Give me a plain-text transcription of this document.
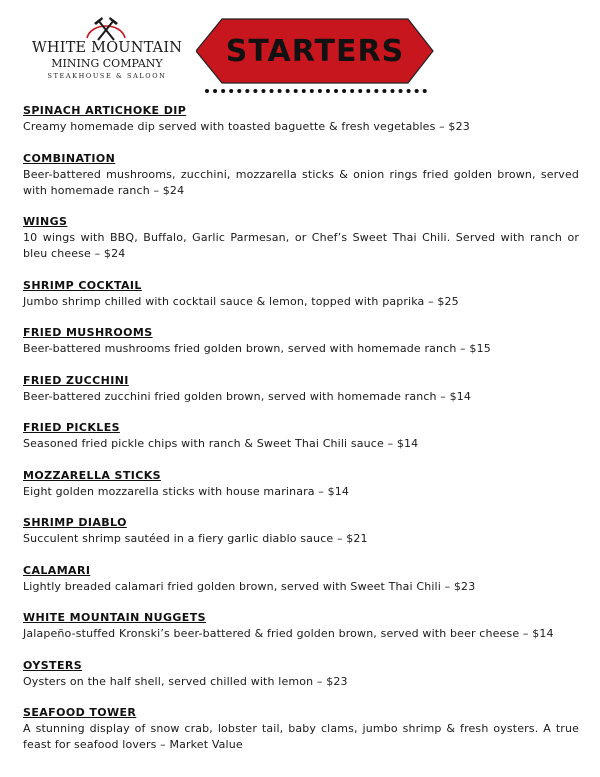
WHITE MOUNTAIN
MINING COMPANY
STEAKHOUSE & SALOON
STARTERS
SPINACH ARTICHOKE DIP
Creamy homemade dip served with toasted baguette & fresh vegetables – $23
COMBINATION
Beer-battered mushrooms, zucchini, mozzarella sticks & onion rings fried golden brown, served with homemade ranch – $24
WINGS
10 wings with BBQ, Buffalo, Garlic Parmesan, or Chef’s Sweet Thai Chili. Served with ranch or bleu cheese – $24
SHRIMP COCKTAIL
Jumbo shrimp chilled with cocktail sauce & lemon, topped with paprika – $25
FRIED MUSHROOMS
Beer-battered mushrooms fried golden brown, served with homemade ranch – $15
FRIED ZUCCHINI
Beer-battered zucchini fried golden brown, served with homemade ranch – $14
FRIED PICKLES
Seasoned fried pickle chips with ranch & Sweet Thai Chili sauce – $14
MOZZARELLA STICKS
Eight golden mozzarella sticks with house marinara – $14
SHRIMP DIABLO
Succulent shrimp sautéed in a fiery garlic diablo sauce – $21
CALAMARI
Lightly breaded calamari fried golden brown, served with Sweet Thai Chili – $23
WHITE MOUNTAIN NUGGETS
Jalapeño-stuffed Kronski’s beer-battered & fried golden brown, served with beer cheese – $14
OYSTERS
Oysters on the half shell, served chilled with lemon – $23
SEAFOOD TOWER
A stunning display of snow crab, lobster tail, baby clams, jumbo shrimp & fresh oysters. A true feast for seafood lovers – Market Value
